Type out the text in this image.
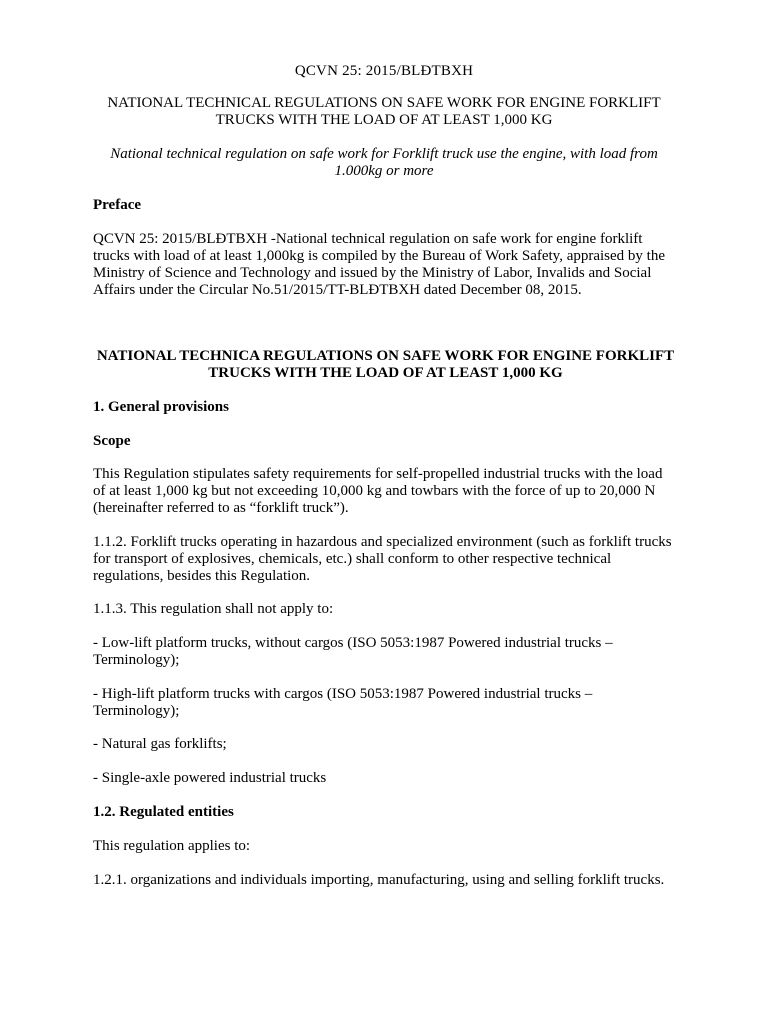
QCVN 25: 2015/BLĐTBXH
NATIONAL TECHNICAL REGULATIONS ON SAFE WORK FOR ENGINE FORKLIFT TRUCKS WITH THE LOAD OF AT LEAST 1,000 KG
National technical regulation on safe work for Forklift truck use the engine, with load from 1.000kg or more
Preface
QCVN 25: 2015/BLĐTBXH -National technical regulation on safe work for engine forklift trucks with load of at least 1,000kg is compiled by the Bureau of Work Safety, appraised by the Ministry of Science and Technology and issued by the Ministry of Labor, Invalids and Social Affairs under the Circular No.51/2015/TT-BLĐTBXH dated December 08, 2015.
NATIONAL TECHNICA REGULATIONS ON SAFE WORK FOR ENGINE FORKLIFT TRUCKS WITH THE LOAD OF AT LEAST 1,000 KG
1. General provisions
Scope
This Regulation stipulates safety requirements for self-propelled industrial trucks with the load of at least 1,000 kg but not exceeding 10,000 kg and towbars with the force of up to 20,000 N (hereinafter referred to as “forklift truck”).
1.1.2. Forklift trucks operating in hazardous and specialized environment (such as forklift trucks for transport of explosives, chemicals, etc.) shall conform to other respective technical regulations, besides this Regulation.
1.1.3. This regulation shall not apply to:
- Low-lift platform trucks, without cargos (ISO 5053:1987 Powered industrial trucks – Terminology);
- High-lift platform trucks with cargos (ISO 5053:1987 Powered industrial trucks – Terminology);
- Natural gas forklifts;
- Single-axle powered industrial trucks
1.2. Regulated entities
This regulation applies to:
1.2.1. organizations and individuals importing, manufacturing, using and selling forklift trucks.
